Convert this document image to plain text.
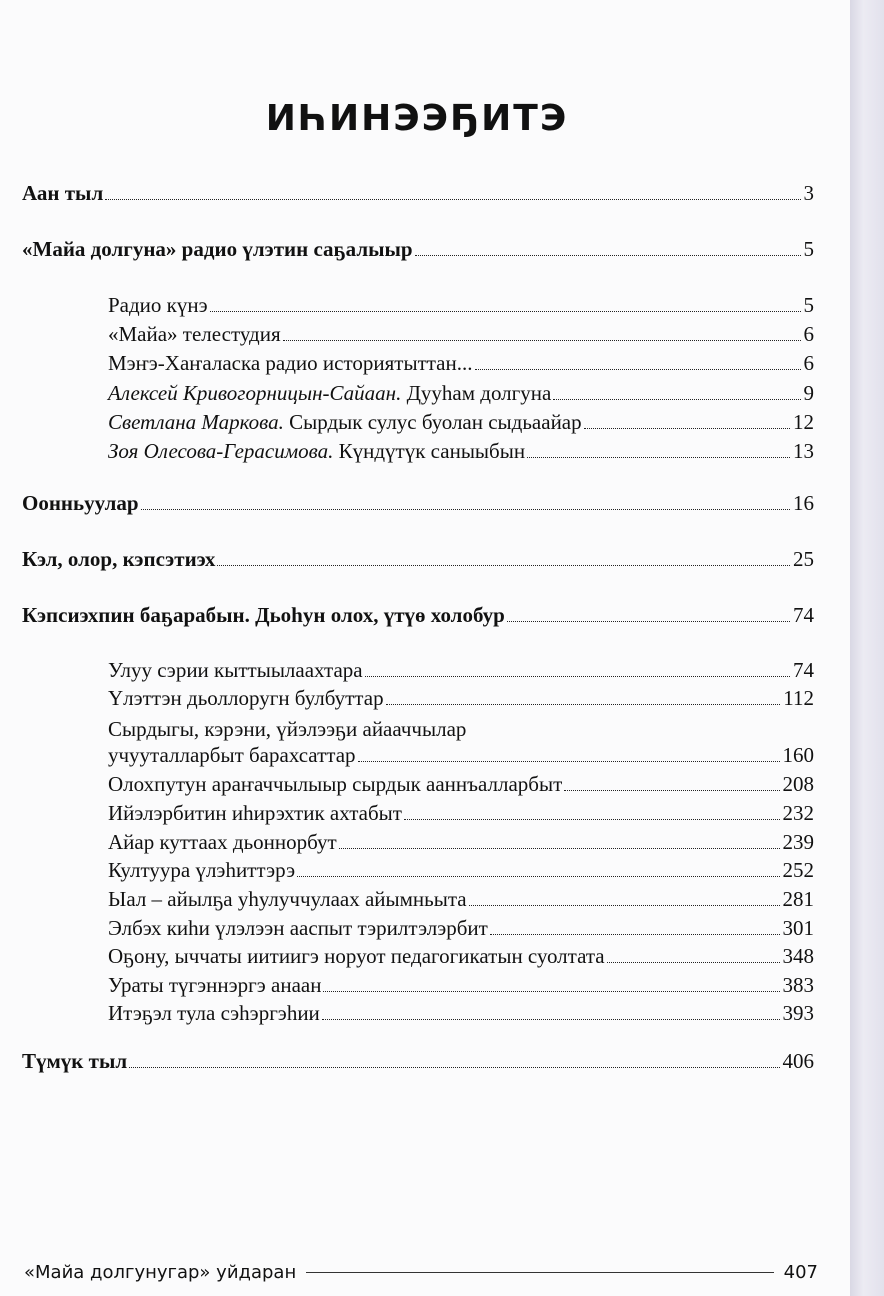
ИҺИНЭЭҔИТЭ
Аан тыл	3
«Майа долгуна» радио үлэтин саҕалыыр	5
Радио күнэ	5
«Майа» телестудия	6
Мэҥэ-Хаҥаласка радио историятыттан...	6
Алексей Кривогорницын-Сайаан. Дууһам долгуна	9
Светлана Маркова. Сырдык сулус буолан сыдьаайар	12
Зоя Олесова-Герасимова. Күндүтүк саныыбын	13
Оонньуулар	16
Кэл, олор, кэпсэтиэх	25
Кэпсиэхпин баҕарабын. Дьоһун олох, үтүө холобур	74
Улуу сэрии кыттыылаахтара	74
Үлэттэн дьоллоругн булбуттар	112
Сырдыгы, кэрэни, үйэлээҕи айааччылар
учууталларбыт барахсаттар	160
Олохпутун араҥаччылыыр сырдык ааннъалларбыт	208
Ийэлэрбитин иһирэхтик ахтабыт	232
Айар куттаах дьоннорбут	239
Култуура үлэһиттэрэ	252
Ыал – айылҕа уһулуччулаах айымньыта	281
Элбэх киһи үлэлээн аaспыт тэрилтэлэрбит	301
Оҕону, ыччаты иитиигэ норуот педагогикатын суолтата	348
Ураты түгэннэргэ анаан	383
Итэҕэл тула сэһэргэһии	393
Түмүк тыл	406
«Майа долгунугар» уйдаран	407
